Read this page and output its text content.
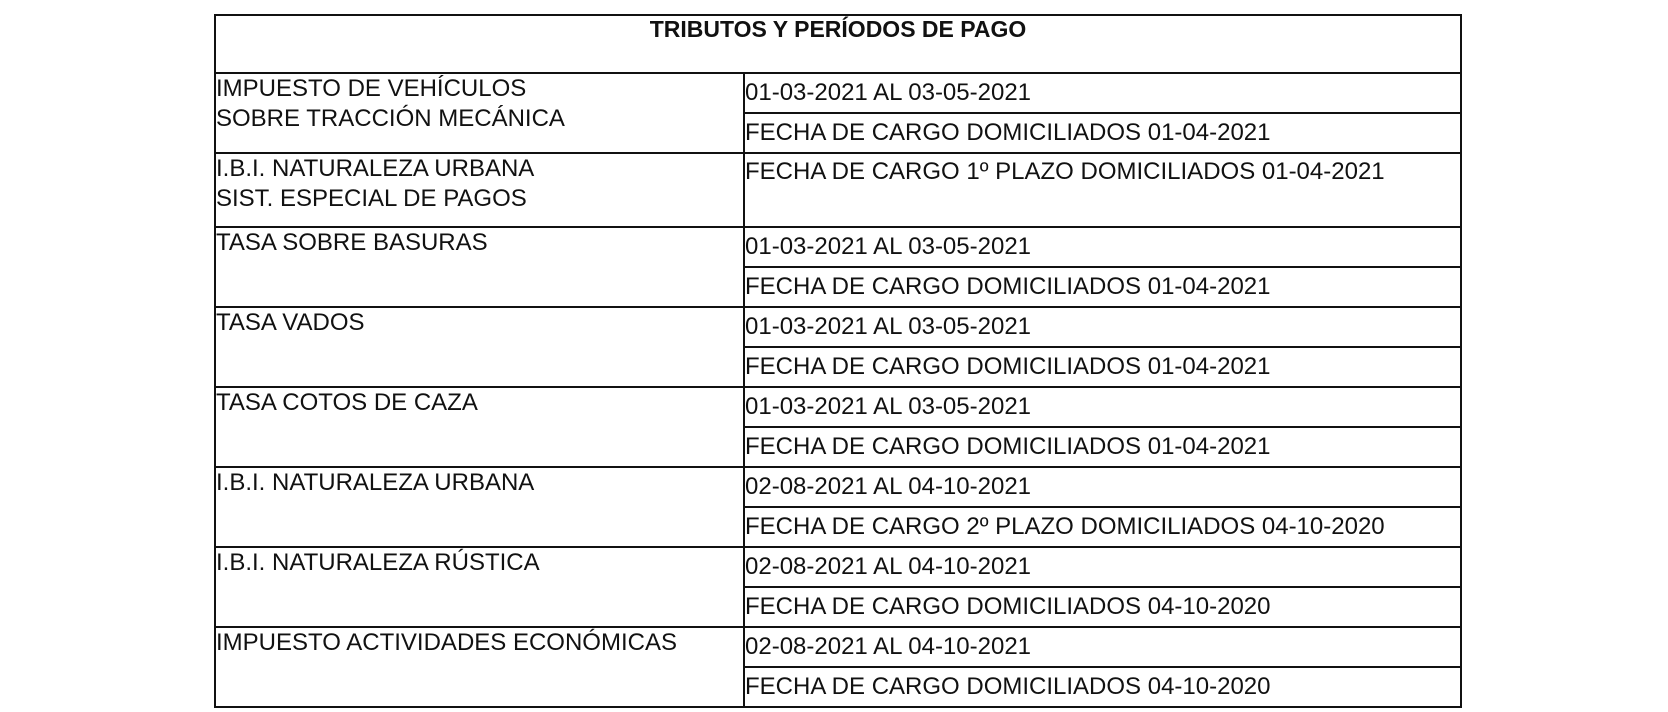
TRIBUTOS Y PERÍODOS DE PAGO	

IMPUESTO DE VEHÍCULOS
SOBRE TRACCIÓN MECÁNICA	01-03-2021 AL 03-05-2021
	FECHA DE CARGO DOMICILIADOS 01-04-2021

I.B.I. NATURALEZA URBANA
SIST. ESPECIAL DE PAGOS	FECHA DE CARGO 1º PLAZO DOMICILIADOS 01-04-2021

TASA SOBRE BASURAS	01-03-2021 AL 03-05-2021
	FECHA DE CARGO DOMICILIADOS 01-04-2021

TASA VADOS	01-03-2021 AL 03-05-2021
	FECHA DE CARGO DOMICILIADOS 01-04-2021

TASA COTOS DE CAZA	01-03-2021 AL 03-05-2021
	FECHA DE CARGO DOMICILIADOS 01-04-2021

I.B.I. NATURALEZA URBANA	02-08-2021 AL 04-10-2021
	FECHA DE CARGO 2º PLAZO DOMICILIADOS 04-10-2020

I.B.I. NATURALEZA RÚSTICA	02-08-2021 AL 04-10-2021
	FECHA DE CARGO DOMICILIADOS 04-10-2020

IMPUESTO ACTIVIDADES ECONÓMICAS	02-08-2021 AL 04-10-2021
	FECHA DE CARGO DOMICILIADOS 04-10-2020
